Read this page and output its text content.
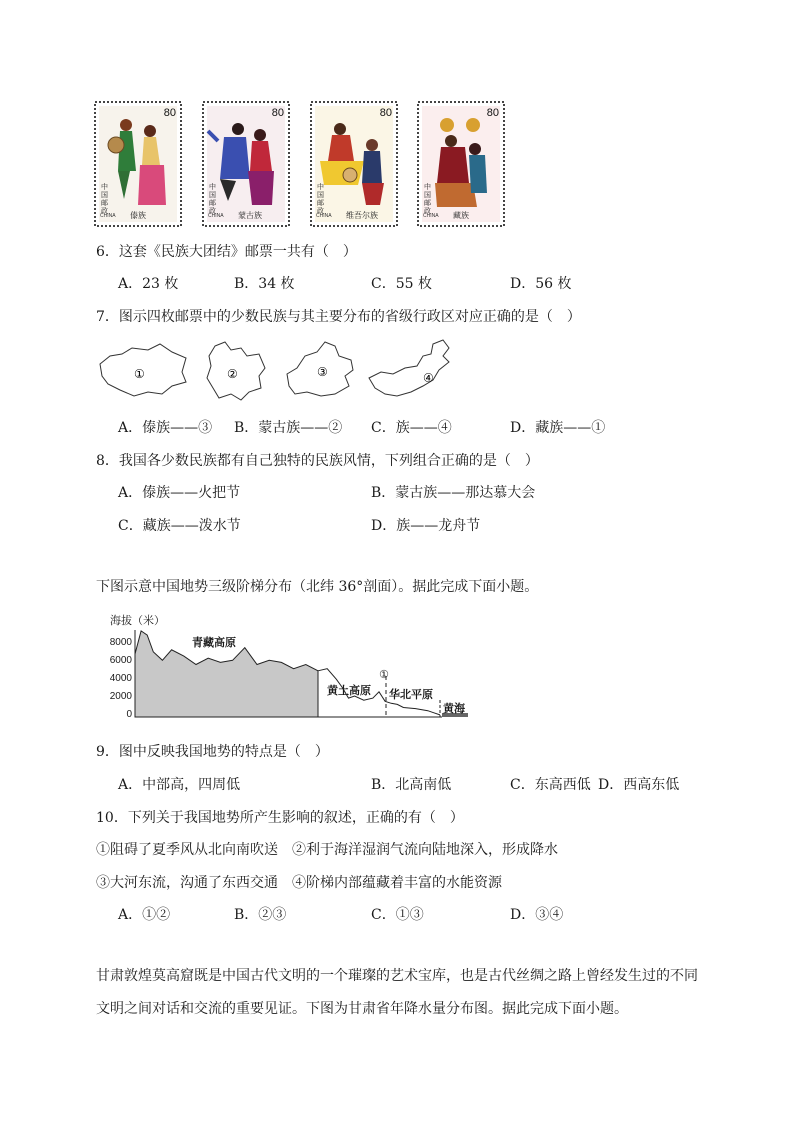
80
中国邮政
CHINA 傣族
80
中国邮政
CHINA 蒙古族
80
中国邮政
CHINA 维吾尔族
80
中国邮政
CHINA 藏族
6．这套《民族大团结》邮票一共有（　）
A．23 枚	B．34 枚	C．55 枚	D．56 枚
7．图示四枚邮票中的少数民族与其主要分布的省级行政区对应正确的是（　）
①	②	③	④
A．傣族——③ B．蒙古族——② C．族——④	D．藏族——①
8．我国各少数民族都有自己独特的民族风情，下列组合正确的是（　）
A．傣族——火把节	B．蒙古族——那达慕大会
C．藏族——泼水节	D．族——龙舟节
下图示意中国地势三级阶梯分布（北纬 36°剖面）。据此完成下面小题。
海拔（米）
8000
6000
4000
2000
0
青藏高原
黄土高原 华北平原
黄海
①
9．图中反映我国地势的特点是（　）
A．中部高，四周低	B．北高南低	C．东高西低 D．西高东低
10．下列关于我国地势所产生影响的叙述，正确的有（　）
①阻碍了夏季风从北向南吹送　②利于海洋湿润气流向陆地深入，形成降水
③大河东流，沟通了东西交通　④阶梯内部蕴藏着丰富的水能资源
A．①②	B．②③	C．①③	D．③④
甘肃敦煌莫高窟既是中国古代文明的一个璀璨的艺术宝库，也是古代丝绸之路上曾经发生过的不同
文明之间对话和交流的重要见证。下图为甘肃省年降水量分布图。据此完成下面小题。
